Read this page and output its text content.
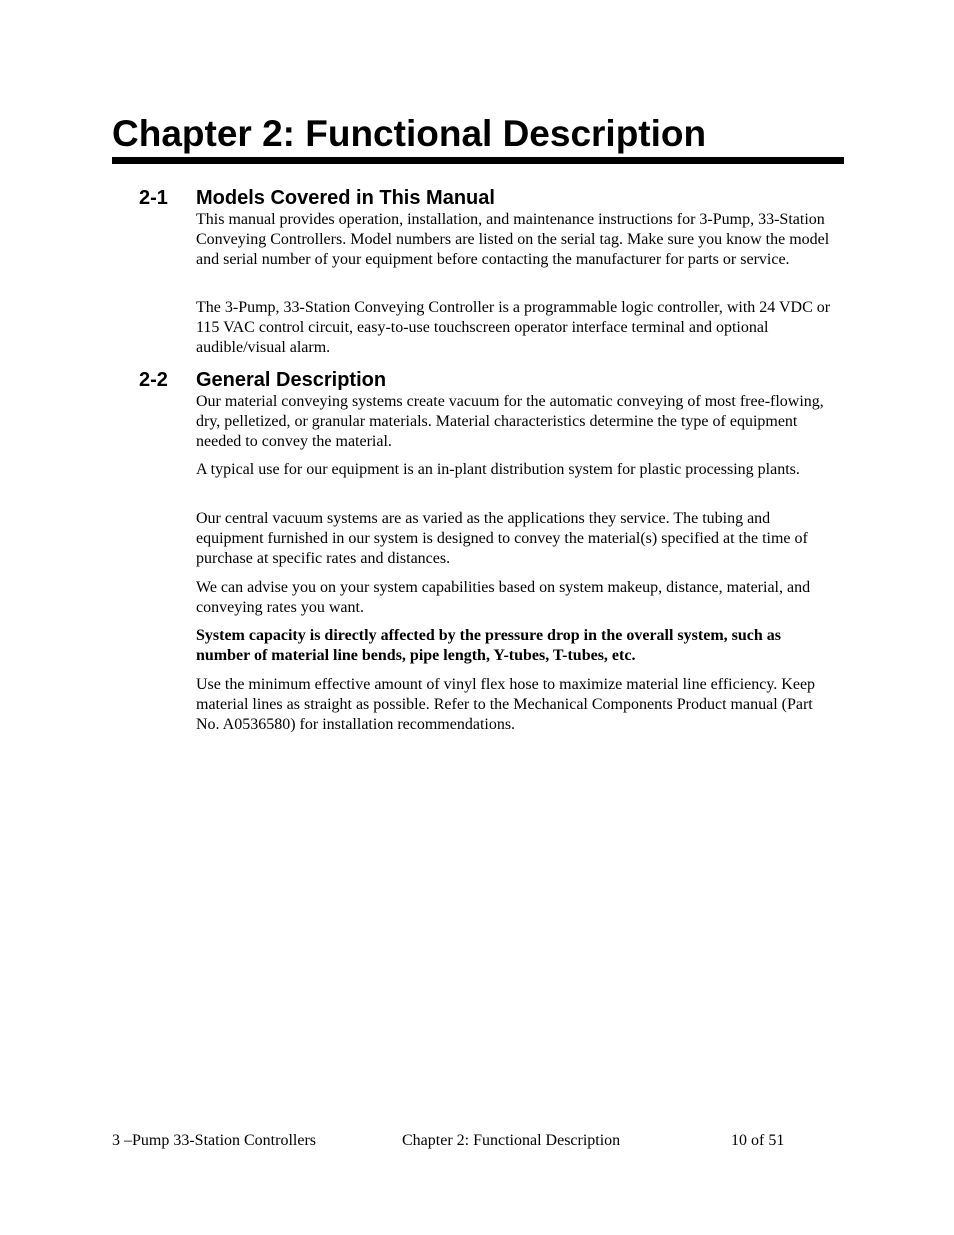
Chapter 2: Functional Description
2-1 Models Covered in This Manual

This manual provides operation, installation, and maintenance instructions for 3-Pump, 33-Station Conveying Controllers. Model numbers are listed on the serial tag. Make sure you know the model and serial number of your equipment before contacting the manufacturer for parts or service.

The 3-Pump, 33-Station Conveying Controller is a programmable logic controller, with 24 VDC or 115 VAC control circuit, easy-to-use touchscreen operator interface terminal and optional audible/visual alarm.

2-2 General Description

Our material conveying systems create vacuum for the automatic conveying of most free-flowing, dry, pelletized, or granular materials. Material characteristics determine the type of equipment needed to convey the material.

A typical use for our equipment is an in-plant distribution system for plastic processing plants.

Our central vacuum systems are as varied as the applications they service. The tubing and equipment furnished in our system is designed to convey the material(s) specified at the time of purchase at specific rates and distances.

We can advise you on your system capabilities based on system makeup, distance, material, and conveying rates you want.

System capacity is directly affected by the pressure drop in the overall system, such as number of material line bends, pipe length, Y-tubes, T-tubes, etc.

Use the minimum effective amount of vinyl flex hose to maximize material line efficiency. Keep material lines as straight as possible. Refer to the Mechanical Components Product manual (Part No. A0536580) for installation recommendations.

3 –Pump 33-Station Controllers	Chapter 2: Functional Description	10 of 51
